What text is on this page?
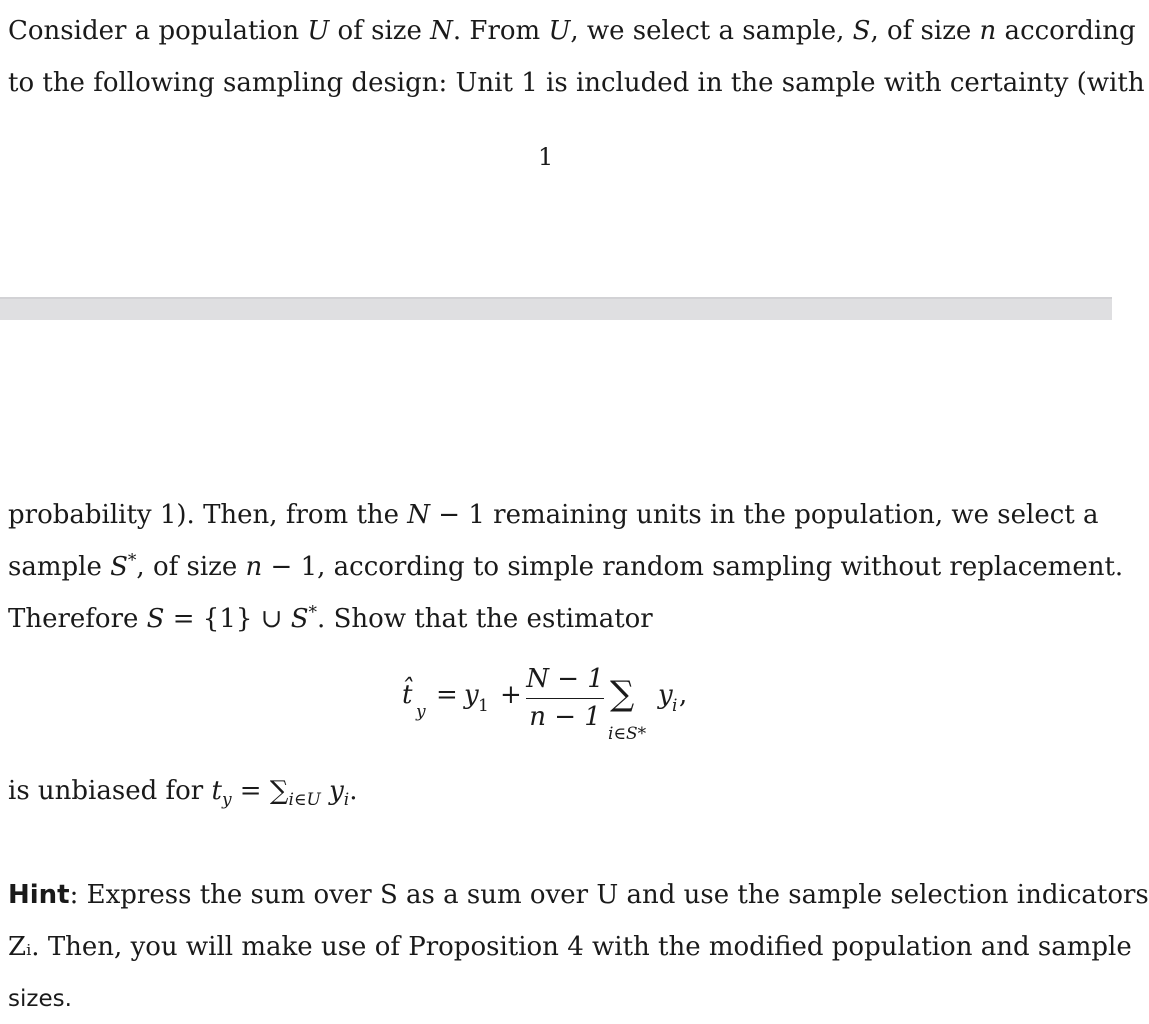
Consider a population U of size N. From U, we select a sample, S, of size n according
to the following sampling design: Unit 1 is included in the sample with certainty (with
1
probability 1). Then, from the N − 1 remaining units in the population, we select a
sample S*, of size n − 1, according to simple random sampling without replacement.
Therefore S = {1} ∪ S*. Show that the estimator
t̂
y
= y 1 +
N − 1
n − 1
∑
i∈S*
y i ,
is unbiased for $t_y = \sum_{i\in U}$ $y_i$.
Hint: Express the sum over S as a sum over U and use the sample selection indicators
Zᵢ. Then, you will make use of Proposition 4 with the modified population and sample
sizes.
